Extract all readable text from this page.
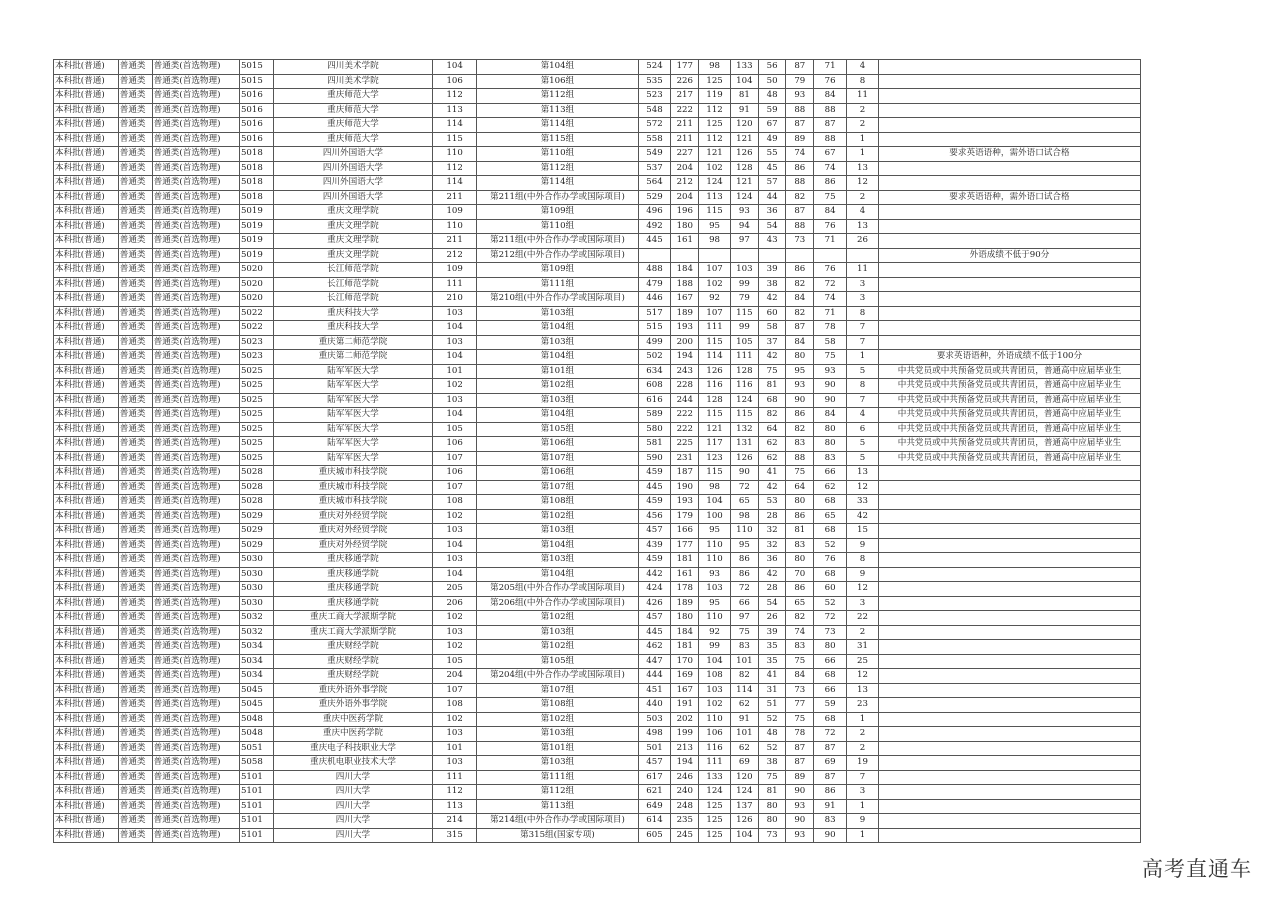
本科批(普通)	普通类	普通类(首选物理)	5015	四川美术学院	104	第104组	524	177	98	133	56	87	71	4	
本科批(普通)	普通类	普通类(首选物理)	5015	四川美术学院	106	第106组	535	226	125	104	50	79	76	8	
本科批(普通)	普通类	普通类(首选物理)	5016	重庆师范大学	112	第112组	523	217	119	81	48	93	84	11	
本科批(普通)	普通类	普通类(首选物理)	5016	重庆师范大学	113	第113组	548	222	112	91	59	88	88	2	
本科批(普通)	普通类	普通类(首选物理)	5016	重庆师范大学	114	第114组	572	211	125	120	67	87	87	2	
本科批(普通)	普通类	普通类(首选物理)	5016	重庆师范大学	115	第115组	558	211	112	121	49	89	88	1	
本科批(普通)	普通类	普通类(首选物理)	5018	四川外国语大学	110	第110组	549	227	121	126	55	74	67	1	要求英语语种，需外语口试合格
本科批(普通)	普通类	普通类(首选物理)	5018	四川外国语大学	112	第112组	537	204	102	128	45	86	74	13	
本科批(普通)	普通类	普通类(首选物理)	5018	四川外国语大学	114	第114组	564	212	124	121	57	88	86	12	
本科批(普通)	普通类	普通类(首选物理)	5018	四川外国语大学	211	第211组(中外合作办学或国际项目)	529	204	113	124	44	82	75	2	要求英语语种，需外语口试合格
本科批(普通)	普通类	普通类(首选物理)	5019	重庆文理学院	109	第109组	496	196	115	93	36	87	84	4	
本科批(普通)	普通类	普通类(首选物理)	5019	重庆文理学院	110	第110组	492	180	95	94	54	88	76	13	
本科批(普通)	普通类	普通类(首选物理)	5019	重庆文理学院	211	第211组(中外合作办学或国际项目)	445	161	98	97	43	73	71	26	
本科批(普通)	普通类	普通类(首选物理)	5019	重庆文理学院	212	第212组(中外合作办学或国际项目)									外语成绩不低于90分
本科批(普通)	普通类	普通类(首选物理)	5020	长江师范学院	109	第109组	488	184	107	103	39	86	76	11	
本科批(普通)	普通类	普通类(首选物理)	5020	长江师范学院	111	第111组	479	188	102	99	38	82	72	3	
本科批(普通)	普通类	普通类(首选物理)	5020	长江师范学院	210	第210组(中外合作办学或国际项目)	446	167	92	79	42	84	74	3	
本科批(普通)	普通类	普通类(首选物理)	5022	重庆科技大学	103	第103组	517	189	107	115	60	82	71	8	
本科批(普通)	普通类	普通类(首选物理)	5022	重庆科技大学	104	第104组	515	193	111	99	58	87	78	7	
本科批(普通)	普通类	普通类(首选物理)	5023	重庆第二师范学院	103	第103组	499	200	115	105	37	84	58	7	
本科批(普通)	普通类	普通类(首选物理)	5023	重庆第二师范学院	104	第104组	502	194	114	111	42	80	75	1	要求英语语种，外语成绩不低于100分
本科批(普通)	普通类	普通类(首选物理)	5025	陆军军医大学	101	第101组	634	243	126	128	75	95	93	5	中共党员或中共预备党员或共青团员，普通高中应届毕业生
本科批(普通)	普通类	普通类(首选物理)	5025	陆军军医大学	102	第102组	608	228	116	116	81	93	90	8	中共党员或中共预备党员或共青团员，普通高中应届毕业生
本科批(普通)	普通类	普通类(首选物理)	5025	陆军军医大学	103	第103组	616	244	128	124	68	90	90	7	中共党员或中共预备党员或共青团员，普通高中应届毕业生
本科批(普通)	普通类	普通类(首选物理)	5025	陆军军医大学	104	第104组	589	222	115	115	82	86	84	4	中共党员或中共预备党员或共青团员，普通高中应届毕业生
本科批(普通)	普通类	普通类(首选物理)	5025	陆军军医大学	105	第105组	580	222	121	132	64	82	80	6	中共党员或中共预备党员或共青团员，普通高中应届毕业生
本科批(普通)	普通类	普通类(首选物理)	5025	陆军军医大学	106	第106组	581	225	117	131	62	83	80	5	中共党员或中共预备党员或共青团员，普通高中应届毕业生
本科批(普通)	普通类	普通类(首选物理)	5025	陆军军医大学	107	第107组	590	231	123	126	62	88	83	5	中共党员或中共预备党员或共青团员，普通高中应届毕业生
本科批(普通)	普通类	普通类(首选物理)	5028	重庆城市科技学院	106	第106组	459	187	115	90	41	75	66	13	
本科批(普通)	普通类	普通类(首选物理)	5028	重庆城市科技学院	107	第107组	445	190	98	72	42	64	62	12	
本科批(普通)	普通类	普通类(首选物理)	5028	重庆城市科技学院	108	第108组	459	193	104	65	53	80	68	33	
本科批(普通)	普通类	普通类(首选物理)	5029	重庆对外经贸学院	102	第102组	456	179	100	98	28	86	65	42	
本科批(普通)	普通类	普通类(首选物理)	5029	重庆对外经贸学院	103	第103组	457	166	95	110	32	81	68	15	
本科批(普通)	普通类	普通类(首选物理)	5029	重庆对外经贸学院	104	第104组	439	177	110	95	32	83	52	9	
本科批(普通)	普通类	普通类(首选物理)	5030	重庆移通学院	103	第103组	459	181	110	86	36	80	76	8	
本科批(普通)	普通类	普通类(首选物理)	5030	重庆移通学院	104	第104组	442	161	93	86	42	70	68	9	
本科批(普通)	普通类	普通类(首选物理)	5030	重庆移通学院	205	第205组(中外合作办学或国际项目)	424	178	103	72	28	86	60	12	
本科批(普通)	普通类	普通类(首选物理)	5030	重庆移通学院	206	第206组(中外合作办学或国际项目)	426	189	95	66	54	65	52	3	
本科批(普通)	普通类	普通类(首选物理)	5032	重庆工商大学派斯学院	102	第102组	457	180	110	97	26	82	72	22	
本科批(普通)	普通类	普通类(首选物理)	5032	重庆工商大学派斯学院	103	第103组	445	184	92	75	39	74	73	2	
本科批(普通)	普通类	普通类(首选物理)	5034	重庆财经学院	102	第102组	462	181	99	83	35	83	80	31	
本科批(普通)	普通类	普通类(首选物理)	5034	重庆财经学院	105	第105组	447	170	104	101	35	75	66	25	
本科批(普通)	普通类	普通类(首选物理)	5034	重庆财经学院	204	第204组(中外合作办学或国际项目)	444	169	108	82	41	84	68	12	
本科批(普通)	普通类	普通类(首选物理)	5045	重庆外语外事学院	107	第107组	451	167	103	114	31	73	66	13	
本科批(普通)	普通类	普通类(首选物理)	5045	重庆外语外事学院	108	第108组	440	191	102	62	51	77	59	23	
本科批(普通)	普通类	普通类(首选物理)	5048	重庆中医药学院	102	第102组	503	202	110	91	52	75	68	1	
本科批(普通)	普通类	普通类(首选物理)	5048	重庆中医药学院	103	第103组	498	199	106	101	48	78	72	2	
本科批(普通)	普通类	普通类(首选物理)	5051	重庆电子科技职业大学	101	第101组	501	213	116	62	52	87	87	2	
本科批(普通)	普通类	普通类(首选物理)	5058	重庆机电职业技术大学	103	第103组	457	194	111	69	38	87	69	19	
本科批(普通)	普通类	普通类(首选物理)	5101	四川大学	111	第111组	617	246	133	120	75	89	87	7	
本科批(普通)	普通类	普通类(首选物理)	5101	四川大学	112	第112组	621	240	124	124	81	90	86	3	
本科批(普通)	普通类	普通类(首选物理)	5101	四川大学	113	第113组	649	248	125	137	80	93	91	1	
本科批(普通)	普通类	普通类(首选物理)	5101	四川大学	214	第214组(中外合作办学或国际项目)	614	235	125	126	80	90	83	9	
本科批(普通)	普通类	普通类(首选物理)	5101	四川大学	315	第315组(国家专项)	605	245	125	104	73	93	90	1	
高考直通车
